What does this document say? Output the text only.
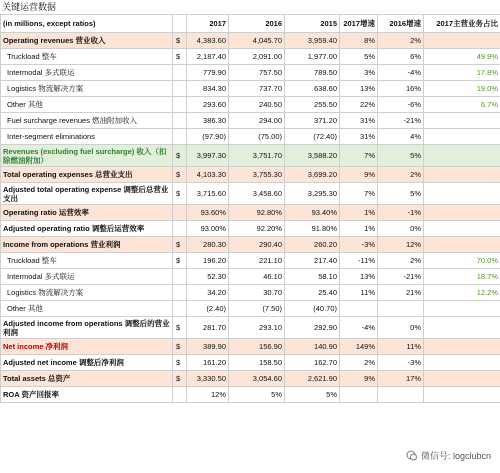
关键运营数据
(in millions, except ratios)		2017	2016	2015	2017增速	2016增速	2017主营业务占比
Operating revenues 营业收入	$	4,383.60	4,045.70	3,959.40	8%	2%	
Truckload 整车	$	2,187.40	2,091.00	1,977.00	5%	6%	49.9%
Intermodal 多式联运		779.90	757.50	789.50	3%	-4%	17.8%
Logistics 物流解决方案		834.30	737.70	638.60	13%	16%	19.0%
Other 其他		293.60	240.50	255.50	22%	-6%	6.7%
Fuel surcharge revenues 燃油附加收入		386.30	294.00	371.20	31%	-21%	
Inter-segment eliminations		(97.90)	(75.00)	(72.40)	31%	4%	
Revenues (excluding fuel surcharge) 收入（扣除燃油附加）	$	3,997.30	3,751.70	3,588.20	7%	5%	
Total operating expenses 总营业支出	$	4,103.30	3,755.30	3,699.20	9%	2%	
Adjusted total operating expense 调整后总营业支出	$	3,715.60	3,458.60	3,295.30	7%	5%	
Operating ratio 运营效率		93.60%	92.80%	93.40%	1%	-1%	
Adjusted operating ratio 调整后运营效率		93.00%	92.20%	91.80%	1%	0%	
Income from operations 营业利润	$	280.30	290.40	260.20	-3%	12%	
Truckload 整车	$	196.20	221.10	217.40	-11%	2%	70.0%
Intermodal 多式联运		52.30	46.10	58.10	13%	-21%	18.7%
Logistics 物流解决方案		34.20	30.70	25.40	11%	21%	12.2%
Other 其他		(2.40)	(7.50)	(40.70)			
Adjusted income from operations 调整后的营业利润	$	281.70	293.10	292.90	-4%	0%	
Net income 净利润	$	389.90	156.90	140.90	149%	11%	
Adjusted net income 调整后净利润	$	161.20	158.50	162.70	2%	-3%	
Total assets 总资产	$	3,330.50	3,054.60	2,621.90	9%	17%	
ROA 资产回报率		12%	5%	5%			
微信号: logclubcn
